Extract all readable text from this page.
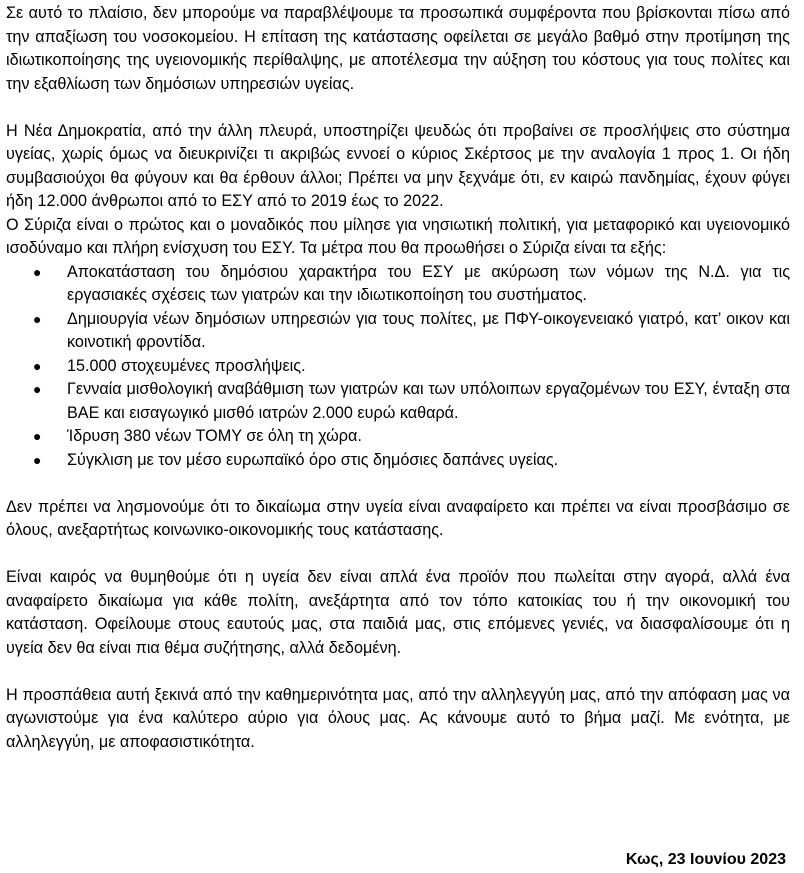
Σε αυτό το πλαίσιο, δεν μπορούμε να παραβλέψουμε τα προσωπικά συμφέροντα που βρίσκονται πίσω από την απαξίωση του νοσοκομείου. Η επίταση της κατάστασης οφείλεται σε μεγάλο βαθμό στην προτίμηση της ιδιωτικοποίησης της υγειονομικής περίθαλψης, με αποτέλεσμα την αύξηση του κόστους για τους πολίτες και την εξαθλίωση των δημόσιων υπηρεσιών υγείας.

Η Νέα Δημοκρατία, από την άλλη πλευρά, υποστηρίζει ψευδώς ότι προβαίνει σε προσλήψεις στο σύστημα υγείας, χωρίς όμως να διευκρινίζει τι ακριβώς εννοεί ο κύριος Σκέρτσος με την αναλογία 1 προς 1. Οι ήδη συμβασιούχοι θα φύγουν και θα έρθουν άλλοι; Πρέπει να μην ξεχνάμε ότι, εν καιρώ πανδημίας, έχουν φύγει ήδη 12.000 άνθρωποι από το ΕΣΥ από το 2019 έως το 2022.

Ο Σύριζα είναι ο πρώτος και ο μοναδικός που μίλησε για νησιωτική πολιτική, για μεταφορικό και υγειονομικό ισοδύναμο και πλήρη ενίσχυση του ΕΣΥ. Τα μέτρα που θα προωθήσει ο Σύριζα είναι τα εξής:

● Αποκατάσταση του δημόσιου χαρακτήρα του ΕΣΥ με ακύρωση των νόμων της Ν.Δ. για τις εργασιακές σχέσεις των γιατρών και την ιδιωτικοποίηση του συστήματος.
● Δημιουργία νέων δημόσιων υπηρεσιών για τους πολίτες, με ΠΦΥ-οικογενειακό γιατρό, κατ’ οικον και κοινοτική φροντίδα.
● 15.000 στοχευμένες προσλήψεις.
● Γενναία μισθολογική αναβάθμιση των γιατρών και των υπόλοιπων εργαζομένων του ΕΣΥ, ένταξη στα ΒΑΕ και εισαγωγικό μισθό ιατρών 2.000 ευρώ καθαρά.
● Ίδρυση 380 νέων ΤΟΜΥ σε όλη τη χώρα.
● Σύγκλιση με τον μέσο ευρωπαϊκό όρο στις δημόσιες δαπάνες υγείας.

Δεν πρέπει να λησμονούμε ότι το δικαίωμα στην υγεία είναι αναφαίρετο και πρέπει να είναι προσβάσιμο σε όλους, ανεξαρτήτως κοινωνικο-οικονομικής τους κατάστασης.

Είναι καιρός να θυμηθούμε ότι η υγεία δεν είναι απλά ένα προϊόν που πωλείται στην αγορά, αλλά ένα αναφαίρετο δικαίωμα για κάθε πολίτη, ανεξάρτητα από τον τόπο κατοικίας του ή την οικονομική του κατάσταση. Οφείλουμε στους εαυτούς μας, στα παιδιά μας, στις επόμενες γενιές, να διασφαλίσουμε ότι η υγεία δεν θα είναι πια θέμα συζήτησης, αλλά δεδομένη.

Η προσπάθεια αυτή ξεκινά από την καθημερινότητα μας, από την αλληλεγγύη μας, από την απόφαση μας να αγωνιστούμε για ένα καλύτερο αύριο για όλους μας. Ας κάνουμε αυτό το βήμα μαζί. Με ενότητα, με αλληλεγγύη, με αποφασιστικότητα.

Κως, 23 Ιουνίου 2023
